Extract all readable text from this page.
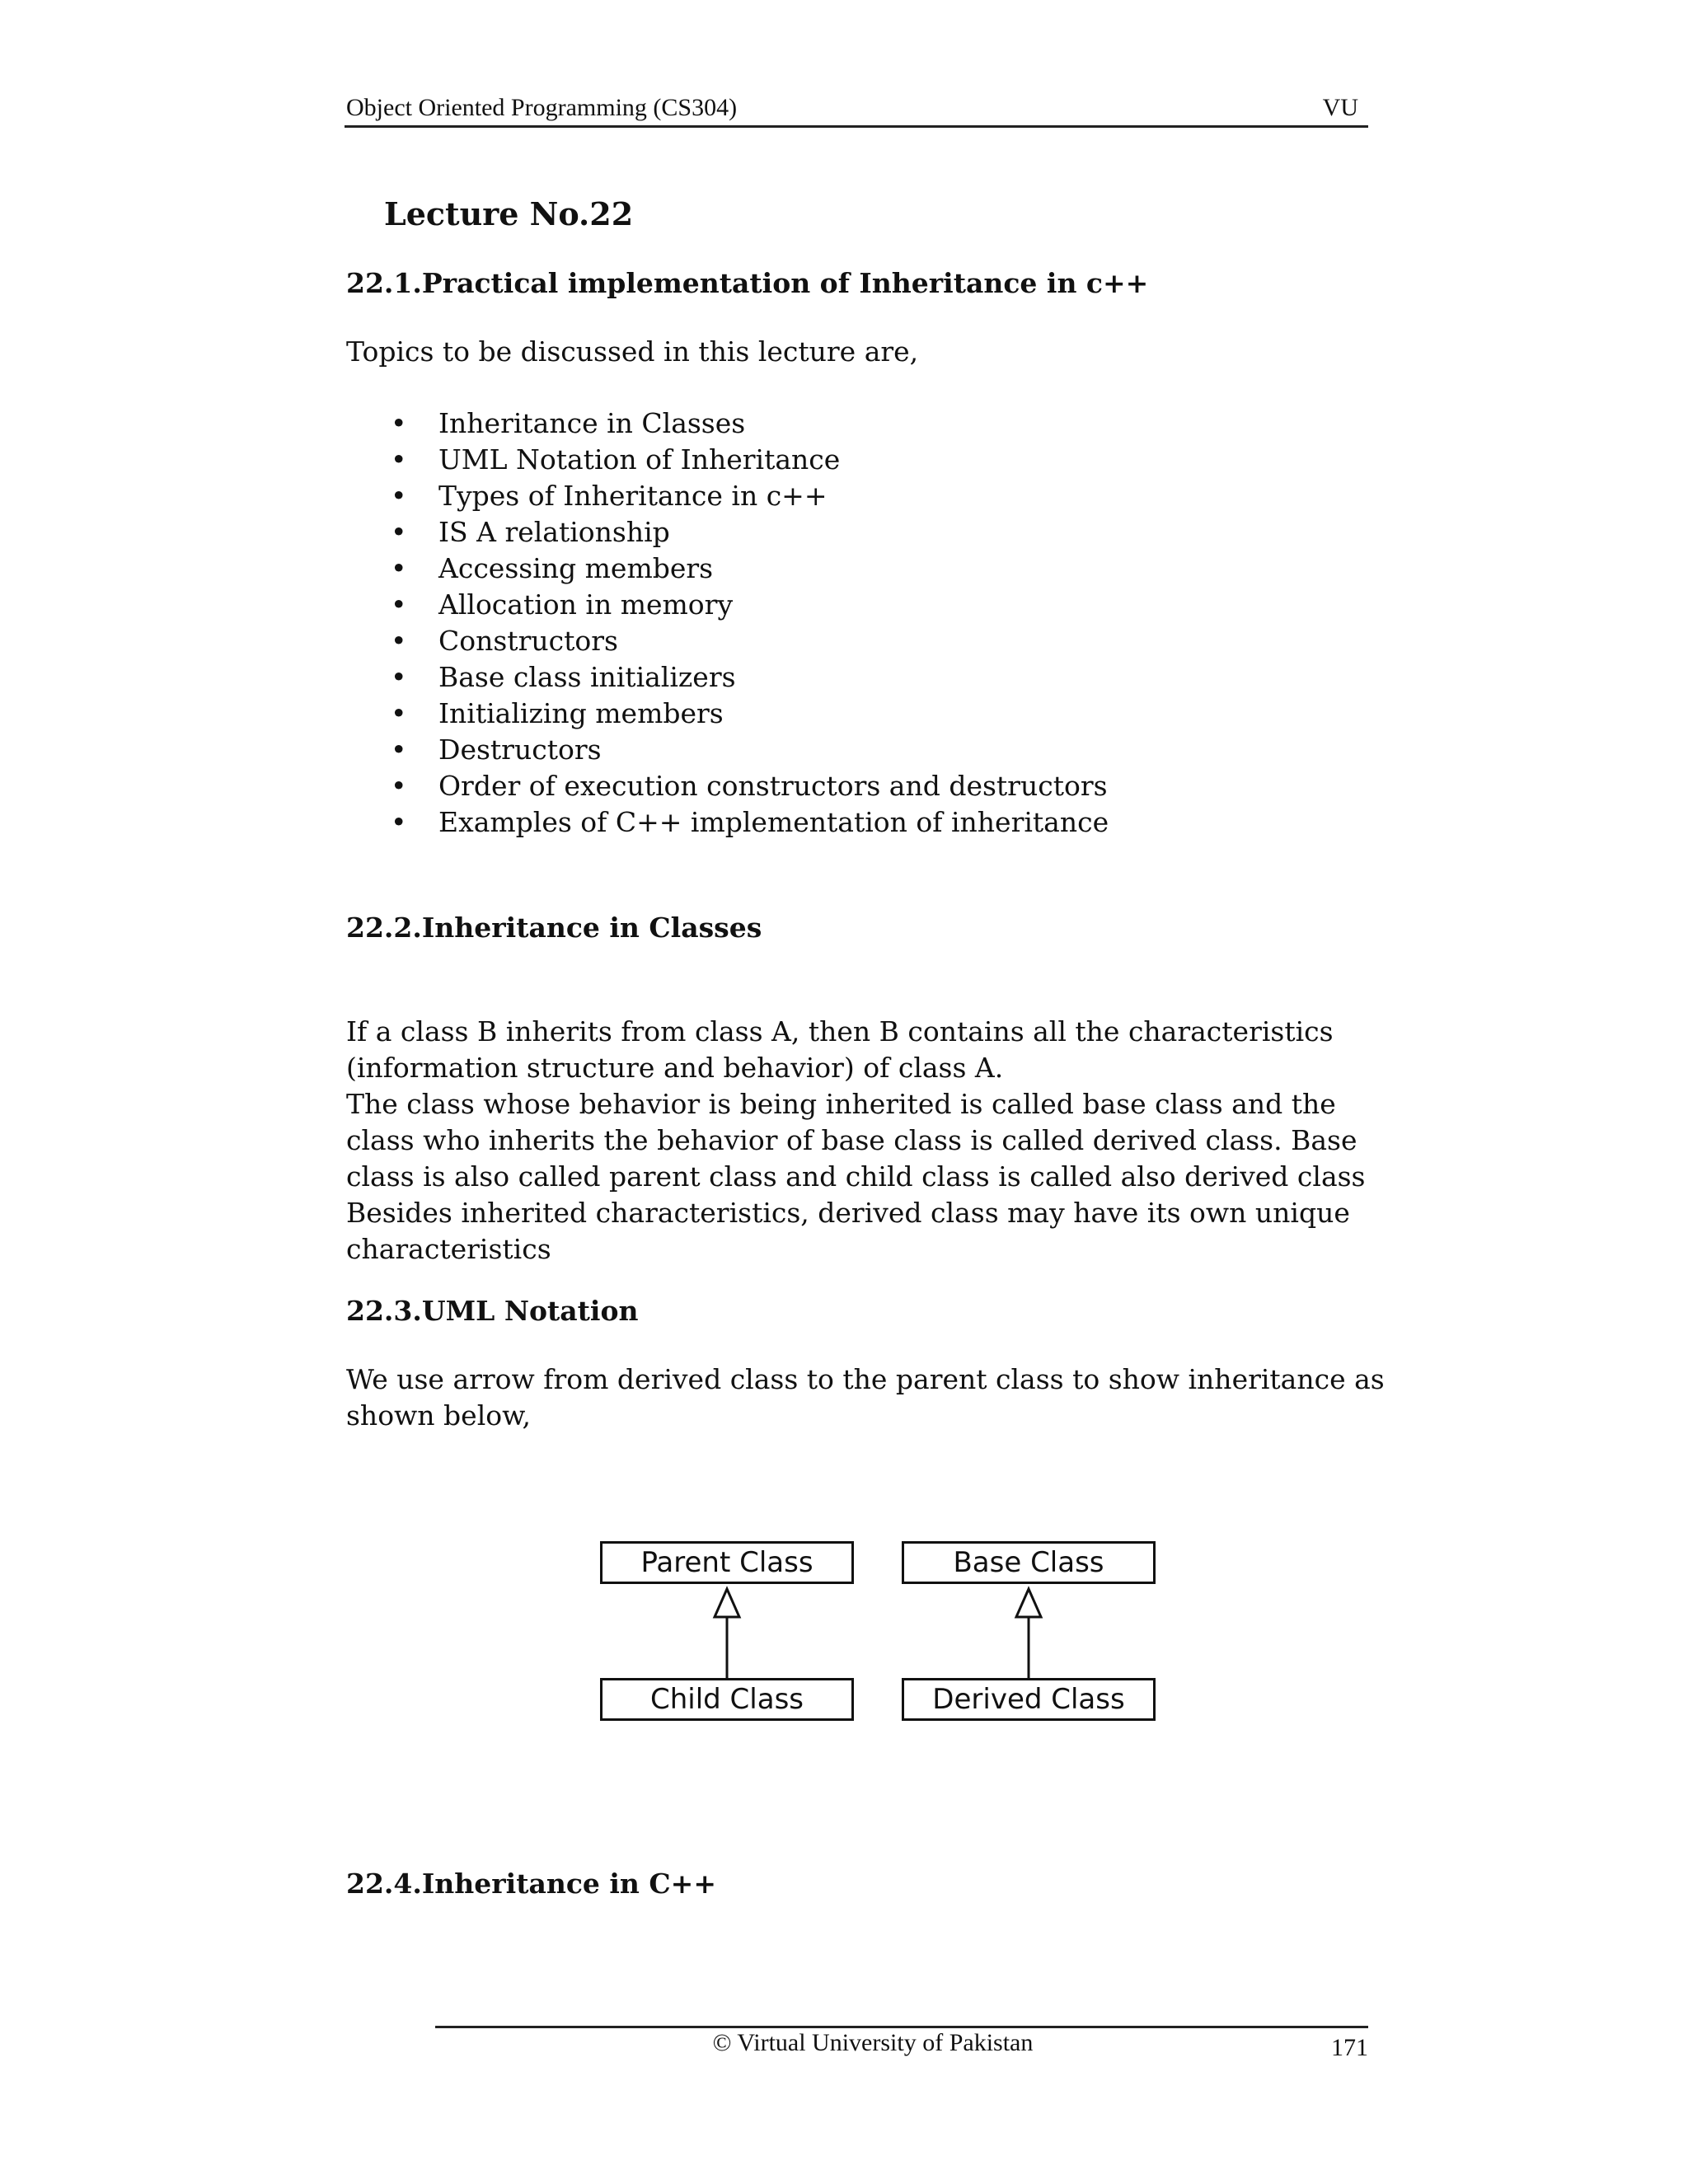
Object Oriented Programming (CS304)	VU
Lecture No.22
22.1.Practical implementation of Inheritance in c++
Topics to be discussed in this lecture are,
• Inheritance in Classes
• UML Notation of Inheritance
• Types of Inheritance in c++
• IS A relationship
• Accessing members
• Allocation in memory
• Constructors
• Base class initializers
• Initializing members
• Destructors
• Order of execution constructors and destructors
• Examples of C++ implementation of inheritance
22.2.Inheritance in Classes

If a class B inherits from class A, then B contains all the characteristics (information structure and behavior) of class A.

The class whose behavior is being inherited is called base class and the class who inherits the behavior of base class is called derived class. Base class is also called parent class and child class is called also derived class

Besides inherited characteristics, derived class may have its own unique characteristics

22.3.UML Notation
We use arrow from derived class to the parent class to show inheritance as shown below,
22.4.Inheritance in C++
Parent Class
Child Class
Base Class
Derived Class
© Virtual University of Pakistan	171
